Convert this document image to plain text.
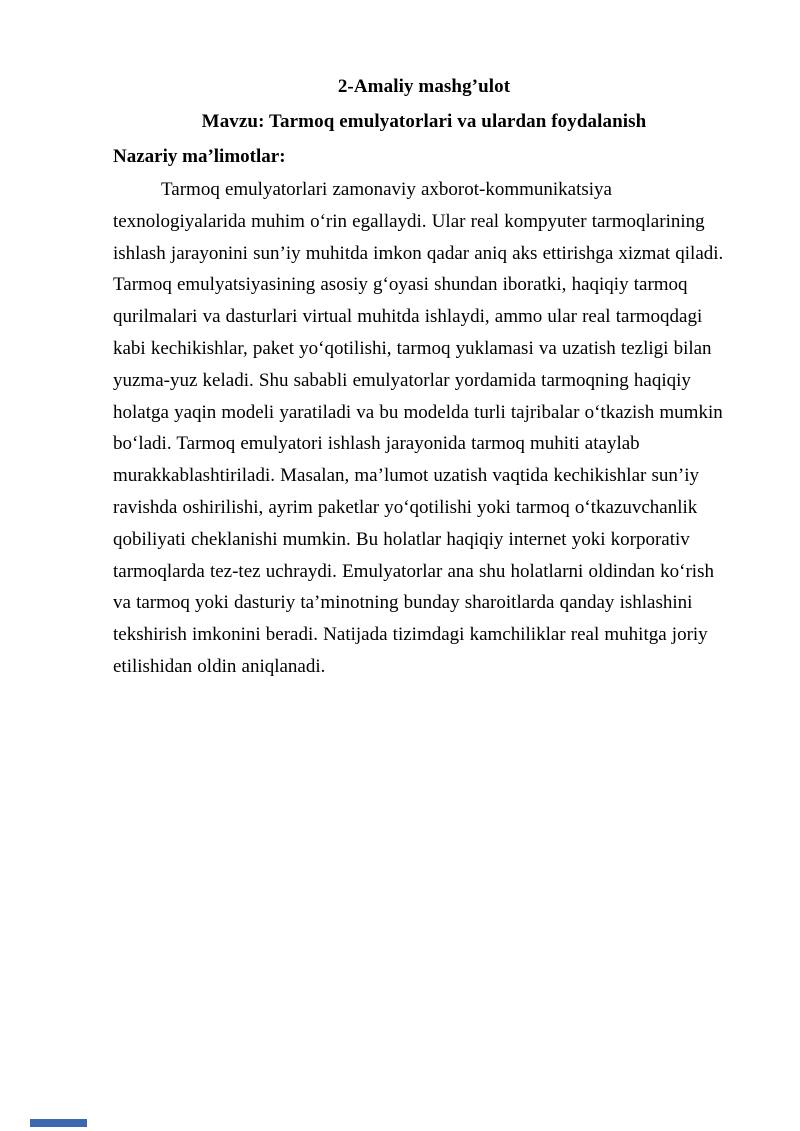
2-Amaliy mashg’ulot
Mavzu: Tarmoq emulyatorlari va ulardan foydalanish
Nazariy ma’limotlar:

Tarmoq emulyatorlari zamonaviy axborot-kommunikatsiya texnologiyalarida muhim o‘rin egallaydi. Ular real kompyuter tarmoqlarining ishlash jarayonini sun’iy muhitda imkon qadar aniq aks ettirishga xizmat qiladi. Tarmoq emulyatsiyasining asosiy g‘oyasi shundan iboratki, haqiqiy tarmoq qurilmalari va dasturlari virtual muhitda ishlaydi, ammo ular real tarmoqdagi kabi kechikishlar, paket yo‘qotilishi, tarmoq yuklamasi va uzatish tezligi bilan yuzma-yuz keladi. Shu sababli emulyatorlar yordamida tarmoqning haqiqiy holatga yaqin modeli yaratiladi va bu modelda turli tajribalar o‘tkazish mumkin bo‘ladi. Tarmoq emulyatori ishlash jarayonida tarmoq muhiti ataylab murakkablashtiriladi. Masalan, ma’lumot uzatish vaqtida kechikishlar sun’iy ravishda oshirilishi, ayrim paketlar yo‘qotilishi yoki tarmoq o‘tkazuvchanlik qobiliyati cheklanishi mumkin. Bu holatlar haqiqiy internet yoki korporativ tarmoqlarda tez-tez uchraydi. Emulyatorlar ana shu holatlarni oldindan ko‘rish va tarmoq yoki dasturiy ta’minotning bunday sharoitlarda qanday ishlashini tekshirish imkonini beradi. Natijada tizimdagi kamchiliklar real muhitga joriy etilishidan oldin aniqlanadi.
